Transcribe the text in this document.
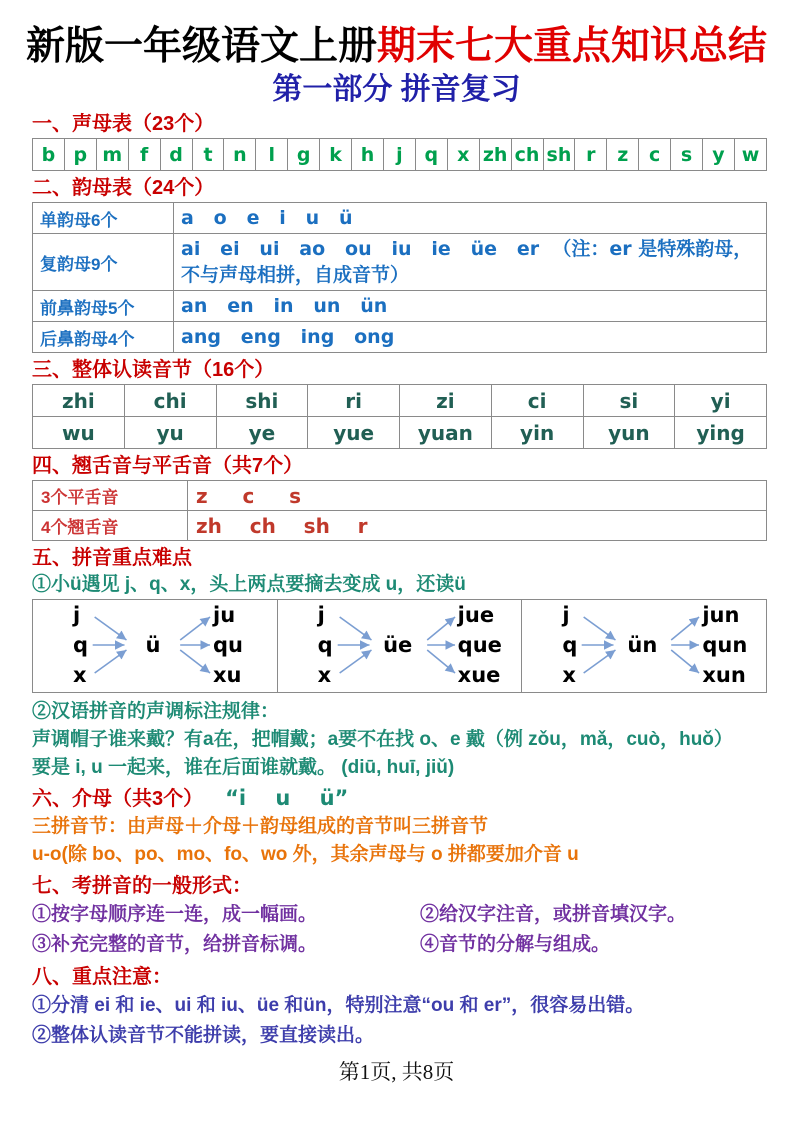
新版一年级语文上册期末七大重点知识总结
第一部分 拼音复习
一、声母表（23个）
b	p	m	f	d	t	n	l	g	k	h	j	q	x	zh	ch	sh	r	z	c	s	y	w
二、韵母表（24个）
单韵母6个	a   o   e   i   u   ü
复韵母9个	ai   ei   ui   ao   ou   iu   ie   üe   er  （注：er 是特殊韵母，不与声母相拼，自成音节）
前鼻韵母5个	an   en   in   un   ün
后鼻韵母4个	ang   eng   ing   ong
三、整体认读音节（16个）
zhi	chi	shi	ri	zi	ci	si	yi
wu	yu	ye	yue	yuan	yin	yun	ying
四、翘舌音与平舌音（共7个）
3个平舌音	z     c     s
4个翘舌音	zh    ch    sh    r
五、拼音重点难点
①小ü遇见 j、q、x，头上两点要摘去变成 u，还读ü
j
q
x
ü
ju
qu
xu
j
q
x
üe
jue
que
xue
j
q
x
ün
jun
qun
xun
②汉语拼音的声调标注规律：
声调帽子谁来戴？有a在，把帽戴；a要不在找 o、e 戴（例 zǒu，mǎ，cuò，huǒ）
要是 i, u 一起来，谁在后面谁就戴。 (diū, huī, jiǔ)
六、介母（共3个） “i    u    ü”
三拼音节：由声母＋介母＋韵母组成的音节叫三拼音节
u-o(除 bo、po、mo、fo、wo 外，其余声母与 o 拼都要加介音 u
七、考拼音的一般形式：
①按字母顺序连一连，成一幅画。	②给汉字注音，或拼音填汉字。
③补充完整的音节，给拼音标调。	④音节的分解与组成。
八、重点注意：
①分清 ei 和 ie、ui 和 iu、üe 和ün，特别注意“ou 和 er”，很容易出错。
②整体认读音节不能拼读，要直接读出。
第1页, 共8页
